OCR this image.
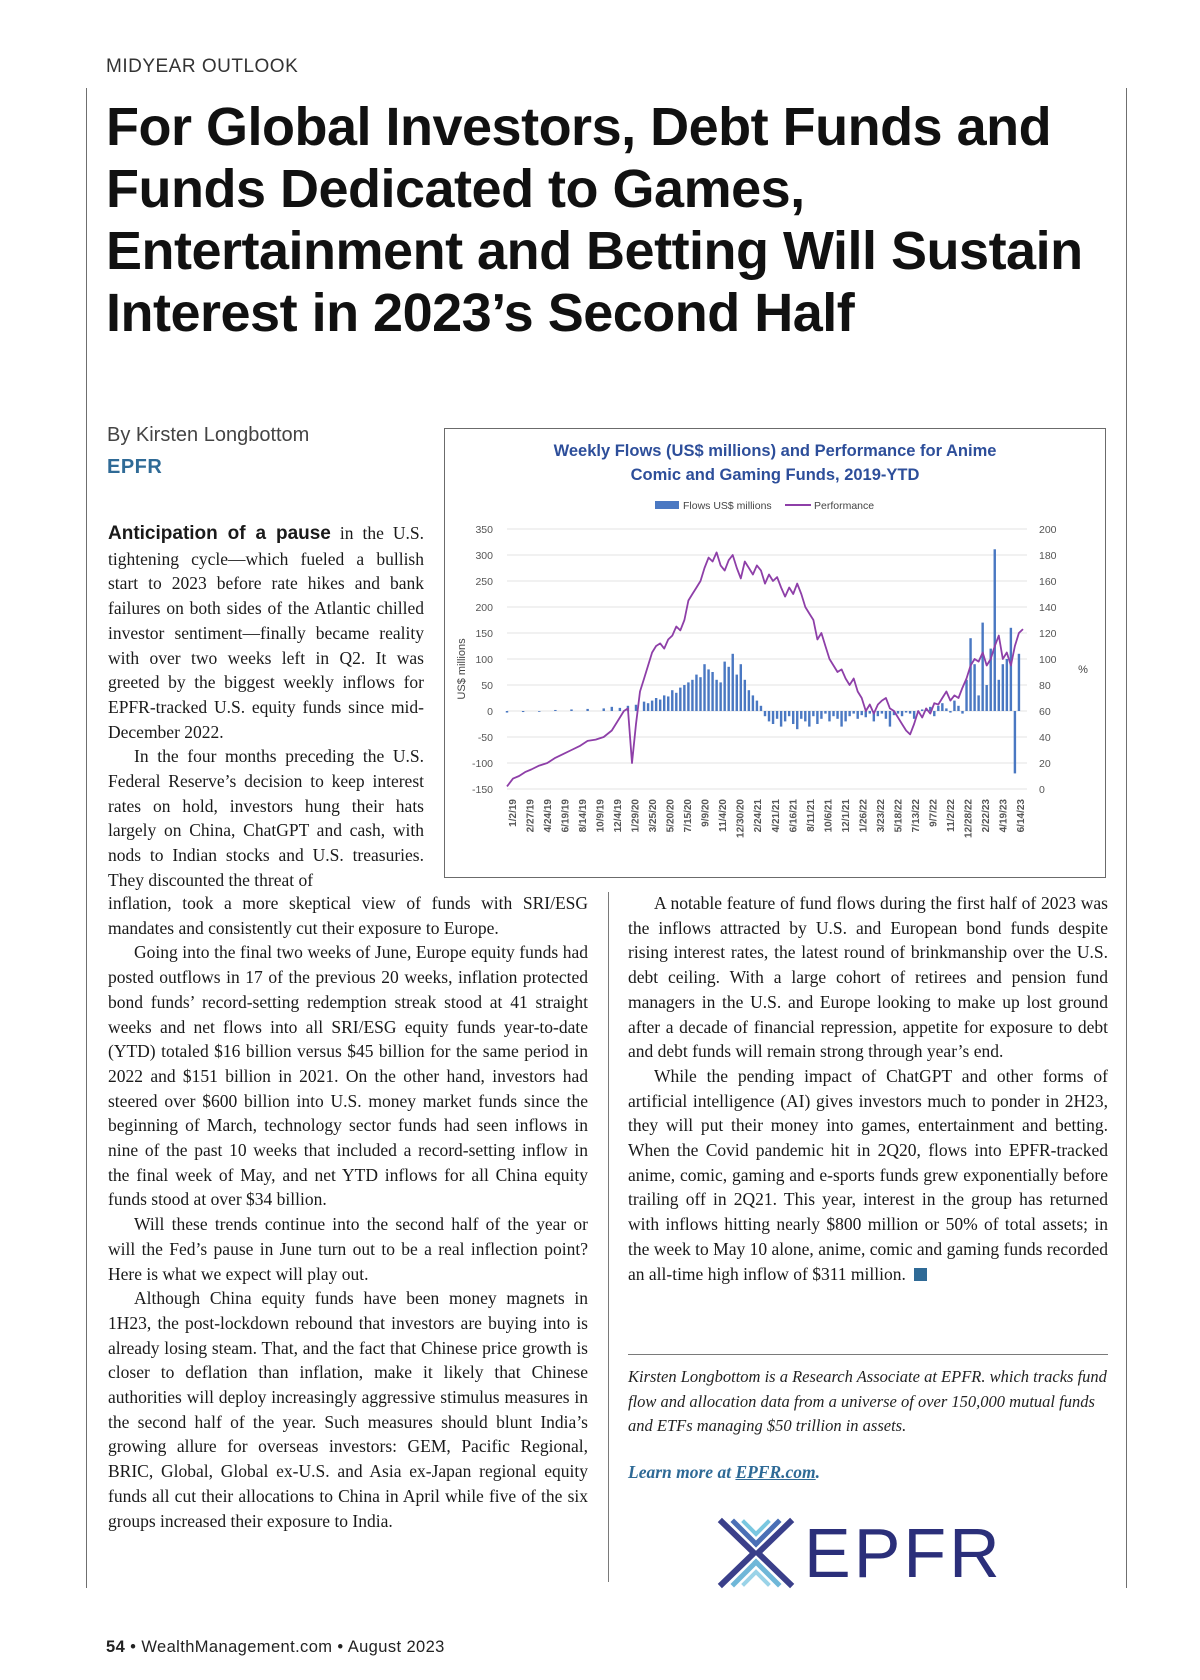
MIDYEAR OUTLOOK
For Global Investors, Debt Funds and Funds Dedicated to Games, Entertainment and Betting Will Sustain Interest in 2023’s Second Half
By Kirsten Longbottom
EPFR
Weekly Flows (US$ millions) and Performance for Anime
Comic and Gaming Funds, 2019-YTD
Flows US$ millions	Performance
US$ millions	%
350
300
250
200
150
100
50
0
-50
-100
-150
200
180
160
140
120
100
80
60
40
20
0
1/2/19 2/27/19 4/24/19 6/19/19 8/14/19 10/9/19 12/4/19 1/29/20 3/25/20 5/20/20 7/15/20 9/9/20 11/4/20 12/30/20 2/24/21 4/21/21 6/16/21 8/11/21 10/6/21 12/1/21 1/26/22 3/23/22 5/18/22 7/13/22 9/7/22 11/2/22 12/28/22 2/22/23 4/19/23 6/14/23

Anticipation of a pause in the U.S. tightening cycle—which fueled a bullish start to 2023 before rate hikes and bank failures on both sides of the Atlantic chilled investor sentiment—finally became reality with over two weeks left in Q2. It was greeted by the biggest weekly inflows for EPFR-tracked U.S. equity funds since mid-December 2022.

In the four months preceding the U.S. Federal Reserve’s decision to keep interest rates on hold, investors hung their hats largely on China, ChatGPT and cash, with nods to Indian stocks and U.S. treasuries. They discounted the threat of

inflation, took a more skeptical view of funds with SRI/ESG mandates and consistently cut their exposure to Europe.

Going into the final two weeks of June, Europe equity funds had posted outflows in 17 of the previous 20 weeks, inflation protected bond funds’ record-setting redemption streak stood at 41 straight weeks and net flows into all SRI/ESG equity funds year-to-date (YTD) totaled $16 billion versus $45 billion for the same period in 2022 and $151 billion in 2021. On the other hand, investors had steered over $600 billion into U.S. money market funds since the beginning of March, technology sector funds had seen inflows in nine of the past 10 weeks that included a record-setting inflow in the final week of May, and net YTD inflows for all China equity funds stood at over $34 billion.

Will these trends continue into the second half of the year or will the Fed’s pause in June turn out to be a real inflection point? Here is what we expect will play out.

Although China equity funds have been money magnets in 1H23, the post-lockdown rebound that investors are buying into is already losing steam. That, and the fact that Chinese price growth is closer to deflation than inflation, make it likely that Chinese authorities will deploy increasingly aggressive stimulus measures in the second half of the year. Such measures should blunt India’s growing allure for overseas investors: GEM, Pacific Regional, BRIC, Global, Global ex-U.S. and Asia ex-Japan regional equity funds all cut their allocations to China in April while five of the six groups increased their exposure to India.

A notable feature of fund flows during the first half of 2023 was the inflows attracted by U.S. and European bond funds despite rising interest rates, the latest round of brinkmanship over the U.S. debt ceiling. With a large cohort of retirees and pension fund managers in the U.S. and Europe looking to make up lost ground after a decade of financial repression, appetite for exposure to debt and debt funds will remain strong through year’s end.

While the pending impact of ChatGPT and other forms of artificial intelligence (AI) gives investors much to ponder in 2H23, they will put their money into games, entertainment and betting. When the Covid pandemic hit in 2Q20, flows into EPFR-tracked anime, comic, gaming and e-sports funds grew exponentially before trailing off in 2Q21. This year, interest in the group has returned with inflows hitting nearly $800 million or 50% of total assets; in the week to May 10 alone, anime, comic and gaming funds recorded an all-time high inflow of $311 million.

Kirsten Longbottom is a Research Associate at EPFR. which tracks fund flow and allocation data from a universe of over 150,000 mutual funds and ETFs managing $50 trillion in assets.

Learn more at EPFR.com.
EPFR
54 • WealthManagement.com • August 2023
